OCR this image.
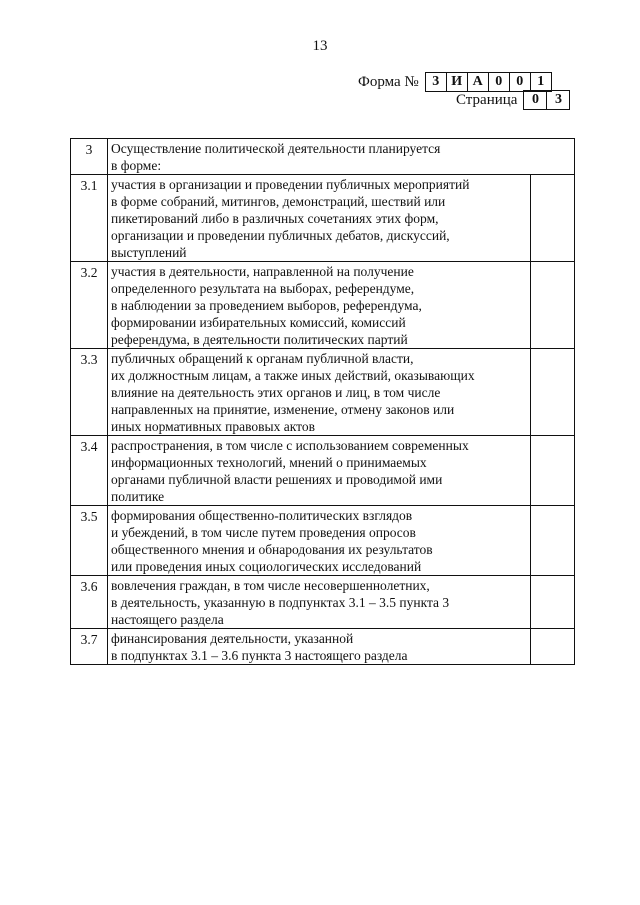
13
Форма № 3 И А 0	0	1
Страница	0	3
3	Осуществление политической деятельности планируется
в форме:	

3.1	участия в организации и проведении публичных мероприятий
в форме собраний, митингов, демонстраций, шествий или
пикетирований либо в различных сочетаниях этих форм,
организации и проведении публичных дебатов, дискуссий,
выступлений	

3.2	участия в деятельности, направленной на получение
определенного результата на выборах, референдуме,
в наблюдении за проведением выборов, референдума,
формировании избирательных комиссий, комиссий
референдума, в деятельности политических партий	

3.3	публичных обращений к органам публичной власти,
их должностным лицам, а также иных действий, оказывающих
влияние на деятельность этих органов и лиц, в том числе
направленных на принятие, изменение, отмену законов или
иных нормативных правовых актов	

3.4	распространения, в том числе с использованием современных
информационных технологий, мнений о принимаемых
органами публичной власти решениях и проводимой ими
политике	

3.5	формирования общественно-политических взглядов
и убеждений, в том числе путем проведения опросов
общественного мнения и обнародования их результатов
или проведения иных социологических исследований	

3.6	вовлечения граждан, в том числе несовершеннолетних,
в деятельность, указанную в подпунктах 3.1 – 3.5 пункта 3
настоящего раздела	

3.7	финансирования деятельности, указанной
в подпунктах 3.1 – 3.6 пункта 3 настоящего раздела	
